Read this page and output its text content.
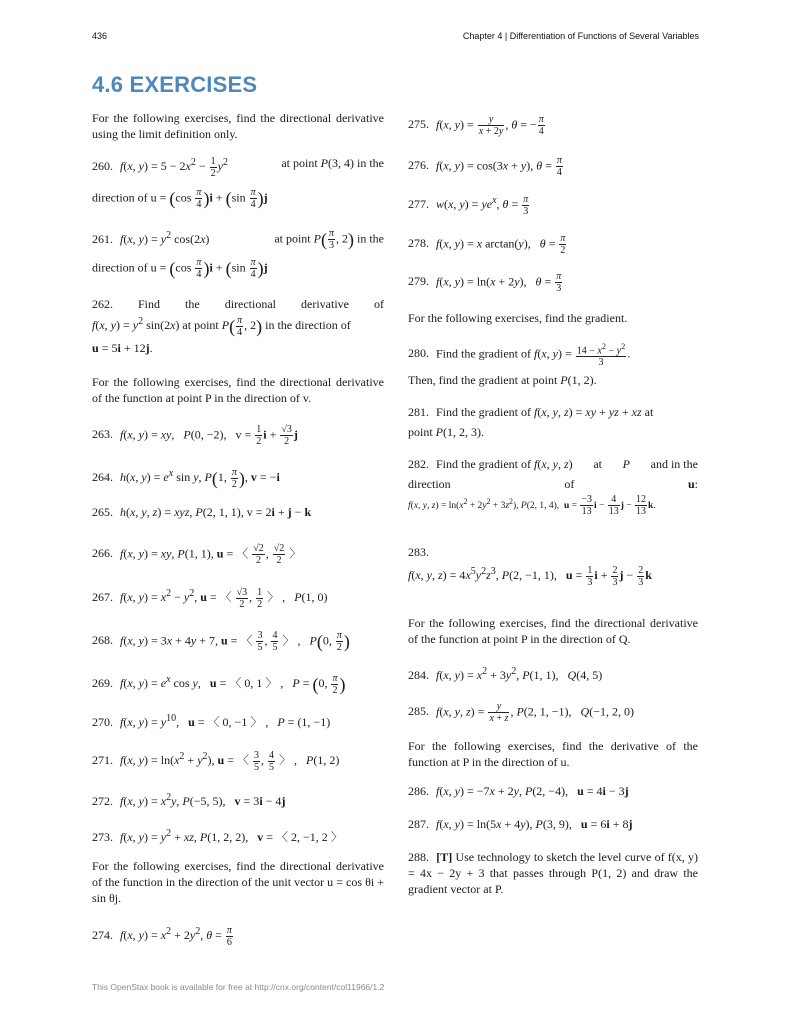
436	Chapter 4 | Differentiation of Functions of Several Variables
4.6 EXERCISES
For the following exercises, find the directional derivative using the limit definition only.
260. f(x, $y) = 5 - 2x^2 - \frac{1}{2} y^2$	at point P(3, 4) in the
direction of $u = (\cos \frac{\pi}{4} )i + (\sin \frac{\pi}{4} )j$
261. f(x, $y) = y^2$ cos(2x)	at point $P( \frac{\pi}{3}$ , 2) in the
direction of $u = (\cos \frac{\pi}{4} )i + (\sin \frac{\pi}{4} )j$
262. Find the directional derivative of
f(x, $y) = y^2$ sin(2x) at point $P( \frac{\pi}{4}$ , 2) in the direction of
u = 5i + 12j.
For the following exercises, find the directional derivative of the function at point P in the direction of v.
263. f(x, y) = xy,   P(0, −2),   $v = \frac{1}{2}$ $i + \frac{√3}{2}$ j
264. h(x, $y) = e^x$ sin y, P(1, $\frac{\pi}{2}$ ), v = −i
265. h(x, y, z) = xyz, P(2, 1, 1), v = 2i + j − k
266. f(x, y) = xy, P(1, 1), u = 〈 $\frac{√2}{2}$ , $\frac{√2}{2}$ 〉
267. f(x, $y) = x^2 - y^2$, u = 〈 $\frac{√3}{2}$ , $\frac{1}{2}$ 〉 ,   P(1, 0)
268. f(x, y) = 3x + 4y + 7, u = 〈 $\frac{3}{5}$ , $\frac{4}{5}$ 〉 ,   P(0, $\frac{\pi}{2}$ )
269. f(x, $y) = e^x$ cos y,   u = 〈 0, 1 〉 ,   P = (0, $\frac{\pi}{2}$ )
270. f(x, $y) = y^{10}$,   u = 〈 0, −1 〉 ,   P = (1, −1)
271. f(x, $y) = \ln(x^2 + y^2)$, u = 〈 $\frac{3}{5}$ , $\frac{4}{5}$ 〉 ,   P(1, 2)
272. f(x, $y) = x^2y$, P(−5, 5),   v = 3i − 4j
273. f(x, $y) = y^2$ + xz, P(1, 2, 2),   v = 〈 2, −1, 2 〉
For the following exercises, find the directional derivative of the function in the direction of the unit vector u = cos θi + sin θj.
274. f(x, $y) = x^2 + 2y^2$, $\theta = \frac{\pi}{6}$
275. f(x, $y) = \frac{y}{x + 2y}$ , θ = − $\frac{\pi}{4}$
276. f(x, y) = cos(3x + y), $\theta = \frac{\pi}{4}$
277. w(x, $y) = ye^x$, $\theta = \frac{\pi}{3}$
278. f(x, y) = x arctan(y),   $\theta = \frac{\pi}{2}$
279. f(x, y) = ln(x + 2y),   $\theta = \frac{\pi}{3}$
For the following exercises, find the gradient.
280. Find the gradient of f(x, $y) = \frac{14 - x^2 - y^2}{3}$ .
Then, find the gradient at point P(1, 2).
281. Find the gradient of f(x, y, z) = xy + yz + xz at
point P(1, 2, 3).
282. Find the gradient of f(x, y, z) at P and in the
direction	of	u:
f(x, y, $z) = \ln(x^2 + 2y^2 + 3z^2)$, P(2, 1, 4),  $u = \frac{-3}{13}$ $i - \frac{4}{13}$ $j - \frac{12}{13} k$.
283.
f(x, y, $z) = 4x^5y^2z^3$, P(2, −1, 1),   $u = \frac{1}{3}$ $i + \frac{2}{3}$ $j - \frac{2}{3}$ k
For the following exercises, find the directional derivative of the function at point P in the direction of Q.
284. f(x, $y) = x^2 + 3y^2$, P(1, 1),   Q(4, 5)
285. f(x, y, $z) = \frac{y}{x + z}$ , P(2, 1, −1),   Q(−1, 2, 0)
For the following exercises, find the derivative of the function at P in the direction of u.
286. f(x, y) = −7x + 2y, P(2, −4),   u = 4i − 3j
287. f(x, y) = ln(5x + 4y), P(3, 9),   u = 6i + 8j
288. [T] Use technology to sketch the level curve of f(x, y) = 4x − 2y + 3 that passes through P(1, 2) and draw the gradient vector at P.
This OpenStax book is available for free at http://cnx.org/content/col11966/1.2
